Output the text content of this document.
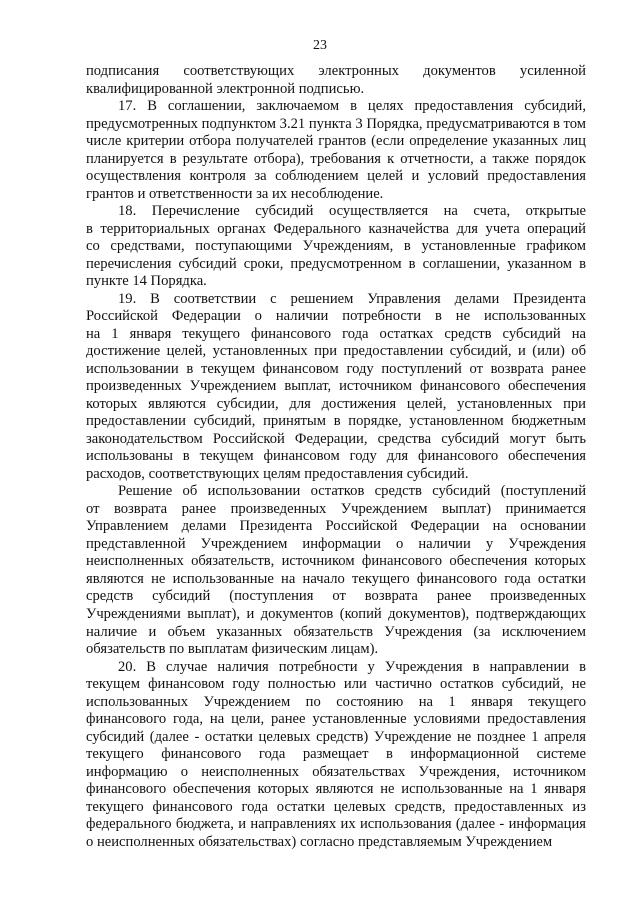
23
подписания соответствующих электронных документов усиленной
квалифицированной электронной подписью.
17. В соглашении, заключаемом в целях предоставления субсидий,
предусмотренных подпунктом 3.21 пункта 3 Порядка, предусматриваются в том
числе критерии отбора получателей грантов (если определение указанных лиц
планируется в результате отбора), требования к отчетности, а также порядок
осуществления контроля за соблюдением целей и условий предоставления
грантов и ответственности за их несоблюдение.
18. Перечисление субсидий осуществляется на счета, открытые
в территориальных органах Федерального казначейства для учета операций
со средствами, поступающими Учреждениям, в установленные графиком
перечисления субсидий сроки, предусмотренном в соглашении, указанном в
пункте 14 Порядка.
19. В соответствии с решением Управления делами Президента
Российской Федерации о наличии потребности в не использованных
на 1 января текущего финансового года остатках средств субсидий на
достижение целей, установленных при предоставлении субсидий, и (или) об
использовании в текущем финансовом году поступлений от возврата ранее
произведенных Учреждением выплат, источником финансового обеспечения
которых являются субсидии, для достижения целей, установленных при
предоставлении субсидий, принятым в порядке, установленном бюджетным
законодательством Российской Федерации, средства субсидий могут быть
использованы в текущем финансовом году для финансового обеспечения
расходов, соответствующих целям предоставления субсидий.
Решение об использовании остатков средств субсидий (поступлений
от возврата ранее произведенных Учреждением выплат) принимается
Управлением делами Президента Российской Федерации на основании
представленной Учреждением информации о наличии у Учреждения
неисполненных обязательств, источником финансового обеспечения которых
являются не использованные на начало текущего финансового года остатки
средств субсидий (поступления от возврата ранее произведенных
Учреждениями выплат), и документов (копий документов), подтверждающих
наличие и объем указанных обязательств Учреждения (за исключением
обязательств по выплатам физическим лицам).
20. В случае наличия потребности у Учреждения в направлении в
текущем финансовом году полностью или частично остатков субсидий, не
использованных Учреждением по состоянию на 1 января текущего
финансового года, на цели, ранее установленные условиями предоставления
субсидий (далее - остатки целевых средств) Учреждение не позднее 1 апреля
текущего финансового года размещает в информационной системе
информацию о неисполненных обязательствах Учреждения, источником
финансового обеспечения которых являются не использованные на 1 января
текущего финансового года остатки целевых средств, предоставленных из
федерального бюджета, и направлениях их использования (далее - информация
о неисполненных обязательствах) согласно представляемым Учреждением
